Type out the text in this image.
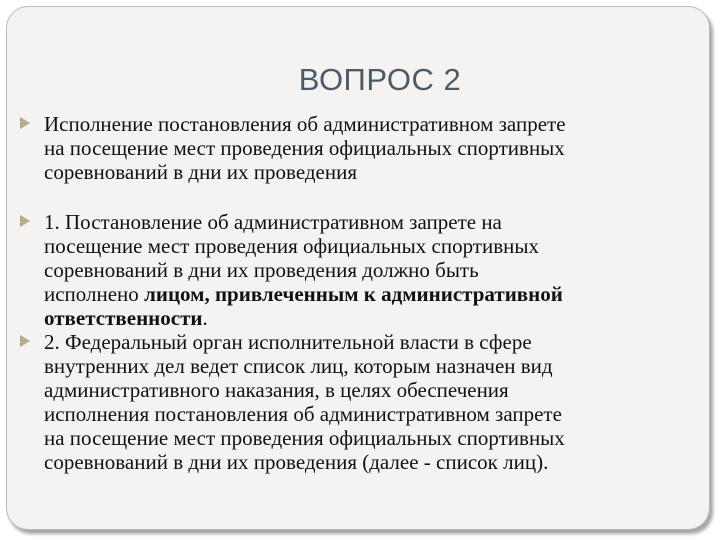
ВОПРОС 2
Исполнение постановления об административном запрете
на посещение мест проведения официальных спортивных
соревнований в дни их проведения
1. Постановление об административном запрете на
посещение мест проведения официальных спортивных
соревнований в дни их проведения должно быть
исполнено лицом, привлеченным к административной
ответственности.
2. Федеральный орган исполнительной власти в сфере
внутренних дел ведет список лиц, которым назначен вид
административного наказания, в целях обеспечения
исполнения постановления об административном запрете
на посещение мест проведения официальных спортивных
соревнований в дни их проведения (далее - список лиц).
